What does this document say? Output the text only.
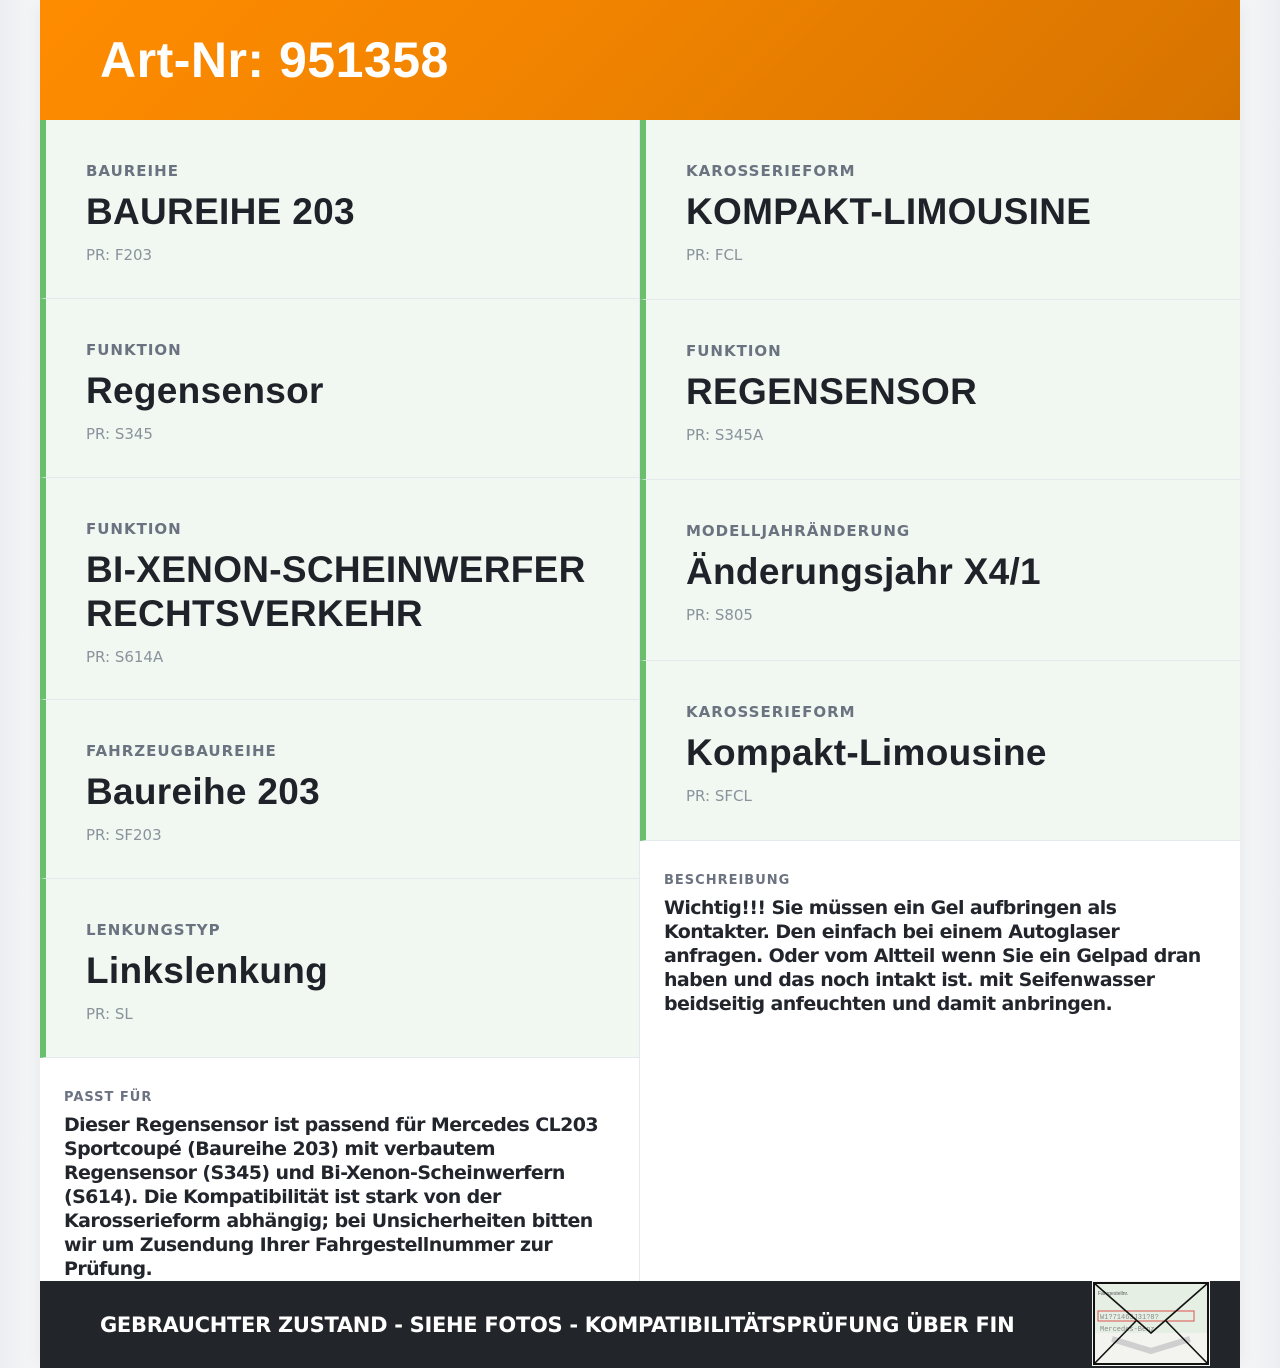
Art-Nr: 951358
BAUREIHE
BAUREIHE 203
PR: F203
FUNKTION
Regensensor
PR: S345
FUNKTION
BI-XENON-SCHEINWERFER RECHTSVERKEHR
PR: S614A
FAHRZEUGBAUREIHE
Baureihe 203
PR: SF203
LENKUNGSTYP
Linkslenkung
PR: SL
PASST FÜR
Dieser Regensensor ist passend für Mercedes CL203 Sportcoupé (Baureihe 203) mit verbautem Regensensor (S345) und Bi-Xenon-Scheinwerfern (S614). Die Kompatibilität ist stark von der Karosserieform abhängig; bei Unsicherheiten bitten wir um Zusendung Ihrer Fahrgestellnummer zur Prüfung.
KAROSSERIEFORM
KOMPAKT-LIMOUSINE
PR: FCL
FUNKTION
REGENSENSOR
PR: S345A
MODELLJAHRÄNDERUNG
Änderungsjahr X4/1
PR: S805
KAROSSERIEFORM
Kompakt-Limousine
PR: SFCL
BESCHREIBUNG
Wichtig!!! Sie müssen ein Gel aufbringen als Kontakter. Den einfach bei einem Autoglaser anfragen. Oder vom Altteil wenn Sie ein Gelpad dran haben und das noch intakt ist. mit Seifenwasser beidseitig anfeuchten und damit anbringen.
GEBRAUCHTER ZUSTAND - SIEHE FOTOS - KOMPATIBILITÄTSPRÜFUNG ÜBER FIN
Fahrgestellnr.
W1?71463J31?8?
Mercedes-Benz
